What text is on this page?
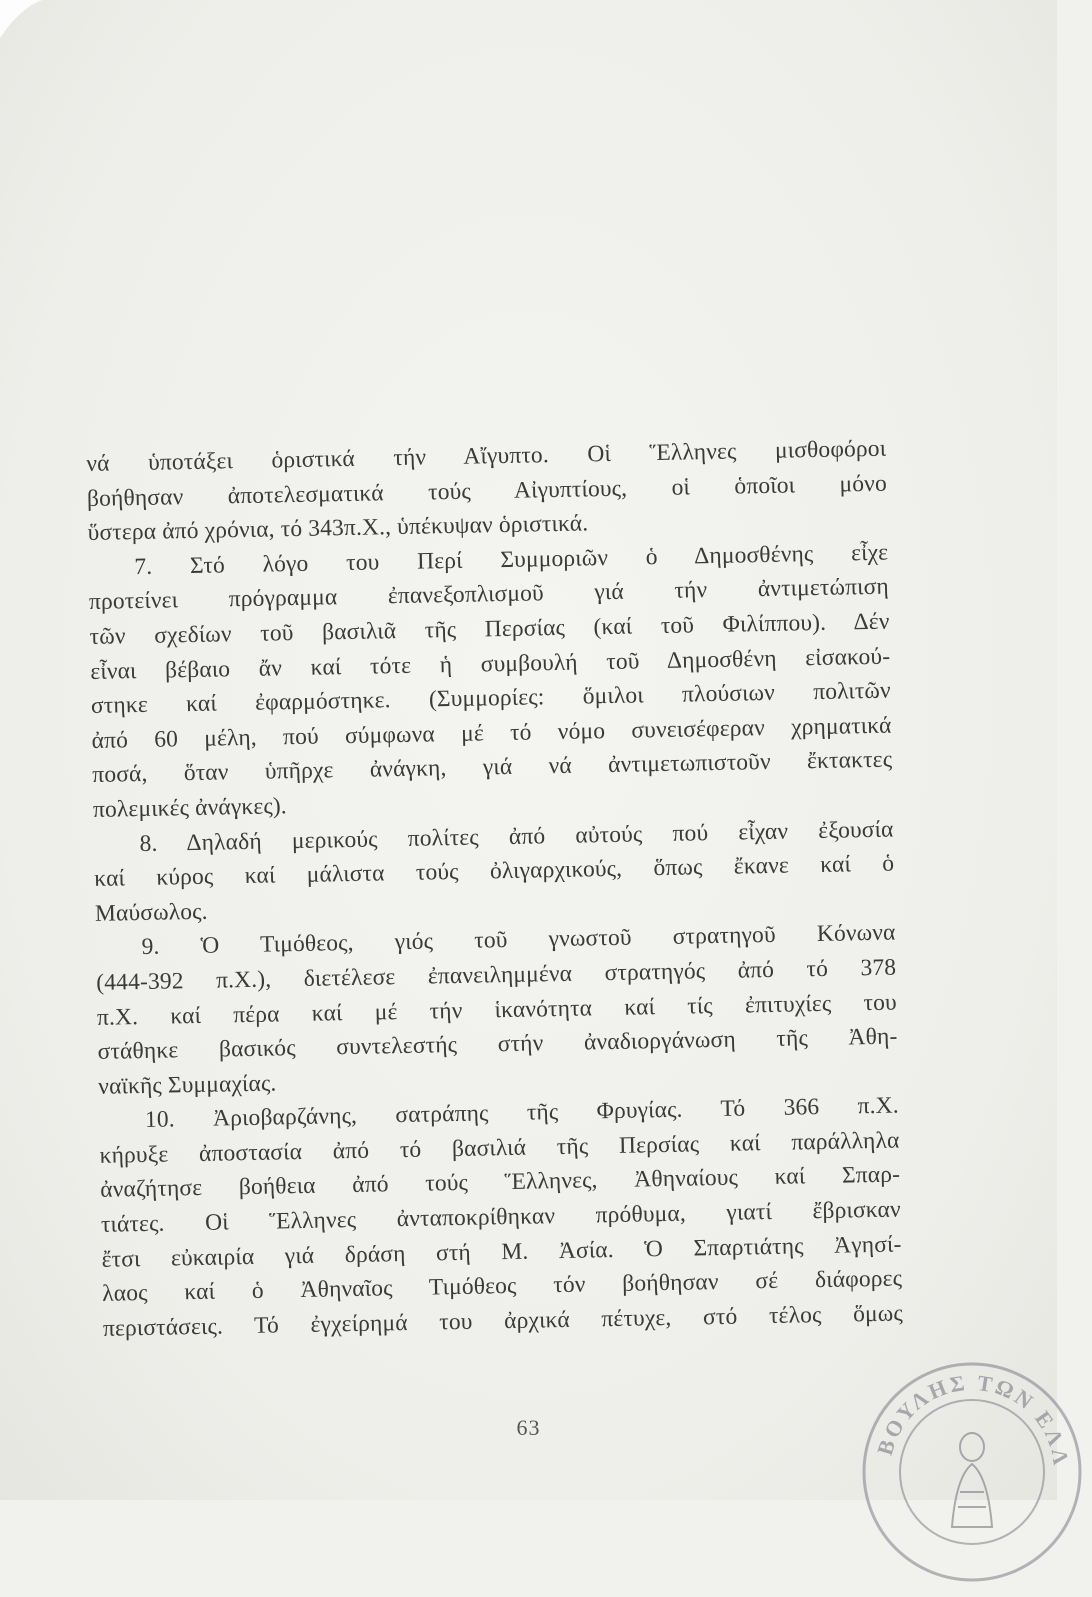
νά ὑποτάξει ὁριστικά τήν Αἴγυπτο. Οἱ Ἕλληνες μισθοφόροι
βοήθησαν ἀποτελεσματικά τούς Αἰγυπτίους, οἱ ὁποῖοι μόνο
ὕστερα ἀπό χρόνια, τό 343π.Χ., ὑπέκυψαν ὁριστικά.
7. Στό λόγο του Περί Συμμοριῶν ὁ Δημοσθένης εἶχε
προτείνει πρόγραμμα ἐπανεξοπλισμοῦ γιά τήν ἀντιμετώπιση
τῶν σχεδίων τοῦ βασιλιᾶ τῆς Περσίας (καί τοῦ Φιλίππου). Δέν
εἶναι βέβαιο ἄν καί τότε ἡ συμβουλή τοῦ Δημοσθένη εἰσακού-
στηκε καί ἐφαρμόστηκε. (Συμμορίες: ὅμιλοι πλούσιων πολιτῶν
ἀπό 60 μέλη, πού σύμφωνα μέ τό νόμο συνεισέφεραν χρηματικά
ποσά, ὅταν ὑπῆρχε ἀνάγκη, γιά νά ἀντιμετωπιστοῦν ἔκτακτες
πολεμικές ἀνάγκες).
8. Δηλαδή μερικούς πολίτες ἀπό αὐτούς πού εἶχαν ἐξουσία
καί κύρος καί μάλιστα τούς ὀλιγαρχικούς, ὅπως ἔκανε καί ὁ
Μαύσωλος.
9. Ὁ Τιμόθεος, γιός τοῦ γνωστοῦ στρατηγοῦ Κόνωνα
(444-392 π.Χ.), διετέλεσε ἐπανειλημμένα στρατηγός ἀπό τό 378
π.Χ. καί πέρα καί μέ τήν ἱκανότητα καί τίς ἐπιτυχίες του
στάθηκε βασικός συντελεστής στήν ἀναδιοργάνωση τῆς Ἀθη-
ναϊκῆς Συμμαχίας.
10. Ἀριοβαρζάνης, σατράπης τῆς Φρυγίας. Τό 366 π.Χ.
κήρυξε ἀποστασία ἀπό τό βασιλιά τῆς Περσίας καί παράλληλα
ἀναζήτησε βοήθεια ἀπό τούς Ἕλληνες, Ἀθηναίους καί Σπαρ-
τιάτες. Οἱ Ἕλληνες ἀνταποκρίθηκαν πρόθυμα, γιατί ἔβρισκαν
ἔτσι εὐκαιρία γιά δράση στή Μ. Ἀσία. Ὁ Σπαρτιάτης Ἀγησί-
λαος καί ὁ Ἀθηναῖος Τιμόθεος τόν βοήθησαν σέ διάφορες
περιστάσεις. Τό ἐγχείρημά του ἀρχικά πέτυχε, στό τέλος ὅμως
63
ΒΟΥΛΗΣ ΤΩΝ ΕΛΛ
